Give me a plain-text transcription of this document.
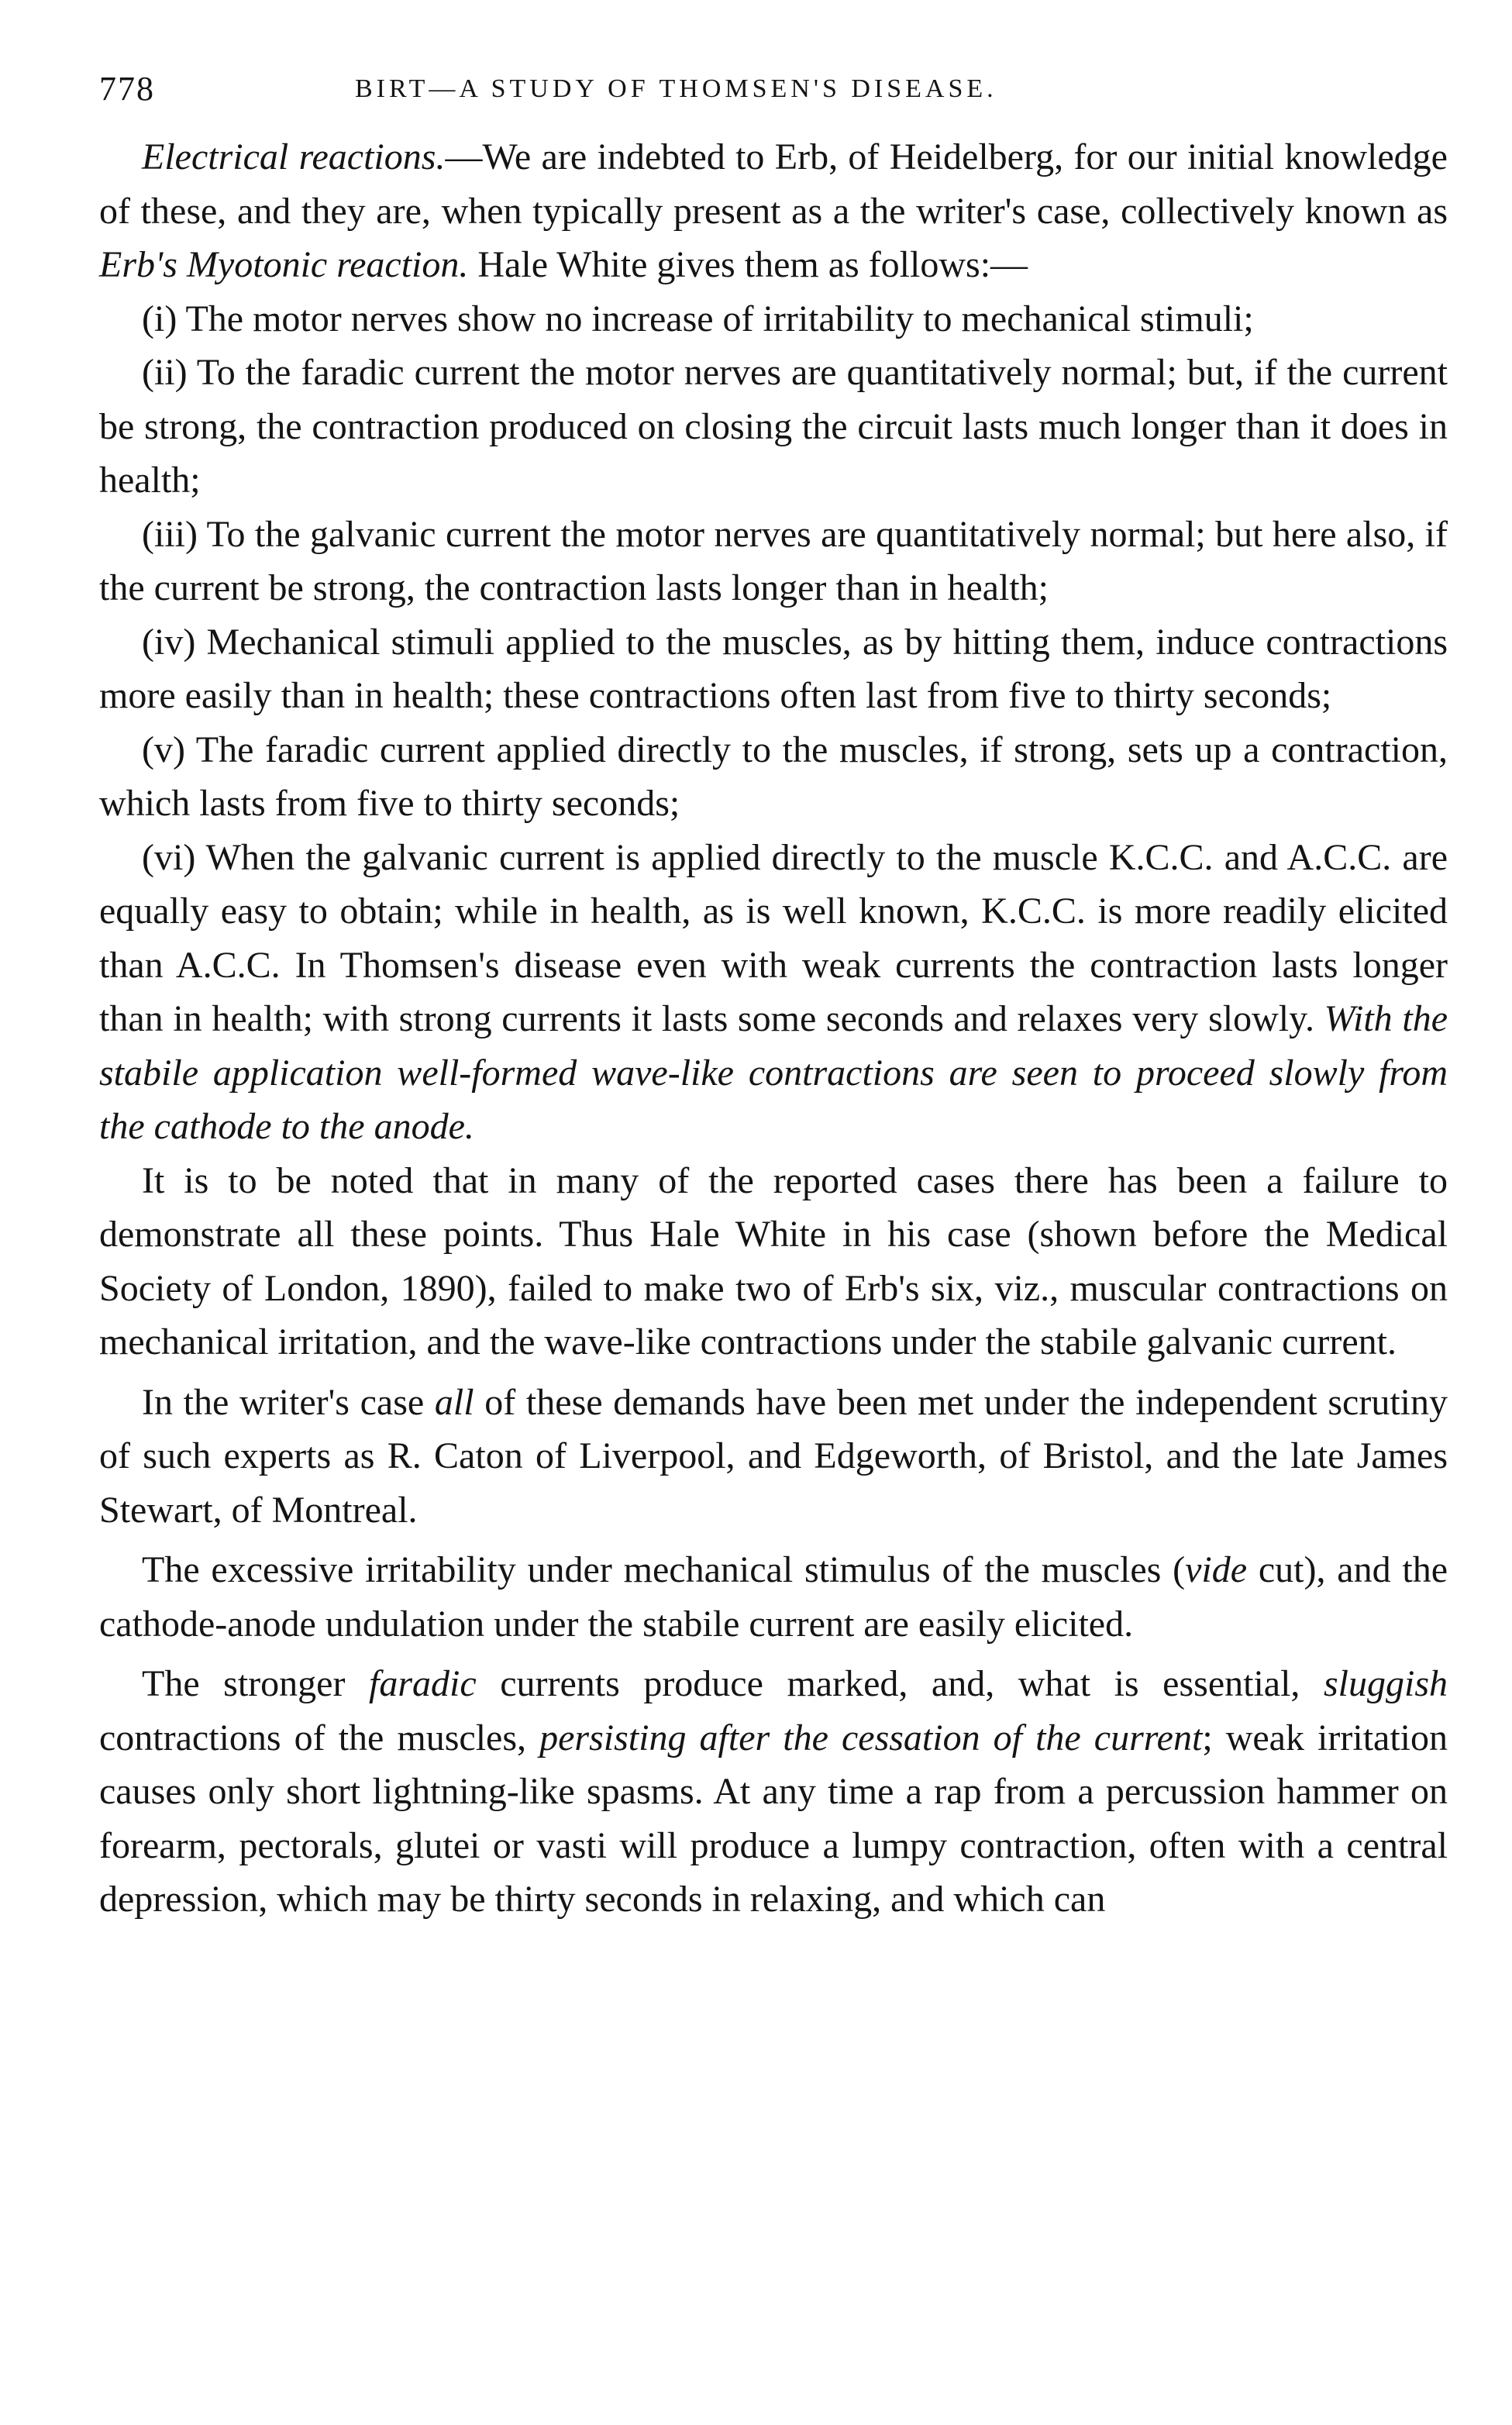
778	BIRT—A STUDY OF THOMSEN'S DISEASE.

Electrical reactions.—We are indebted to Erb, of Heidelberg, for our initial knowledge of these, and they are, when typically present as a the writer's case, collectively known as Erb's Myotonic reaction. Hale White gives them as follows:—

(i) The motor nerves show no increase of irritability to mechanical stimuli;

(ii) To the faradic current the motor nerves are quantitatively normal; but, if the current be strong, the contraction produced on closing the circuit lasts much longer than it does in health;

(iii) To the galvanic current the motor nerves are quantitatively normal; but here also, if the current be strong, the contraction lasts longer than in health;

(iv) Mechanical stimuli applied to the muscles, as by hitting them, induce contractions more easily than in health; these contractions often last from five to thirty seconds;

(v) The faradic current applied directly to the muscles, if strong, sets up a contraction, which lasts from five to thirty seconds;

(vi) When the galvanic current is applied directly to the muscle K.C.C. and A.C.C. are equally easy to obtain; while in health, as is well known, K.C.C. is more readily elicited than A.C.C. In Thomsen's disease even with weak currents the contraction lasts longer than in health; with strong currents it lasts some seconds and relaxes very slowly. With the stabile application well-formed wave-like contractions are seen to proceed slowly from the cathode to the anode.

It is to be noted that in many of the reported cases there has been a failure to demonstrate all these points. Thus Hale White in his case (shown before the Medical Society of London, 1890), failed to make two of Erb's six, viz., muscular contractions on mechanical irritation, and the wave-like contractions under the stabile galvanic current.

In the writer's case all of these demands have been met under the independent scrutiny of such experts as R. Caton of Liverpool, and Edgeworth, of Bristol, and the late James Stewart, of Montreal.

The excessive irritability under mechanical stimulus of the muscles (vide cut), and the cathode-anode undulation under the stabile current are easily elicited.

The stronger faradic currents produce marked, and, what is essential, sluggish contractions of the muscles, persisting after the cessation of the current; weak irritation causes only short lightning-like spasms. At any time a rap from a percussion hammer on forearm, pectorals, glutei or vasti will produce a lumpy contraction, often with a central depression, which may be thirty seconds in relaxing, and which can
